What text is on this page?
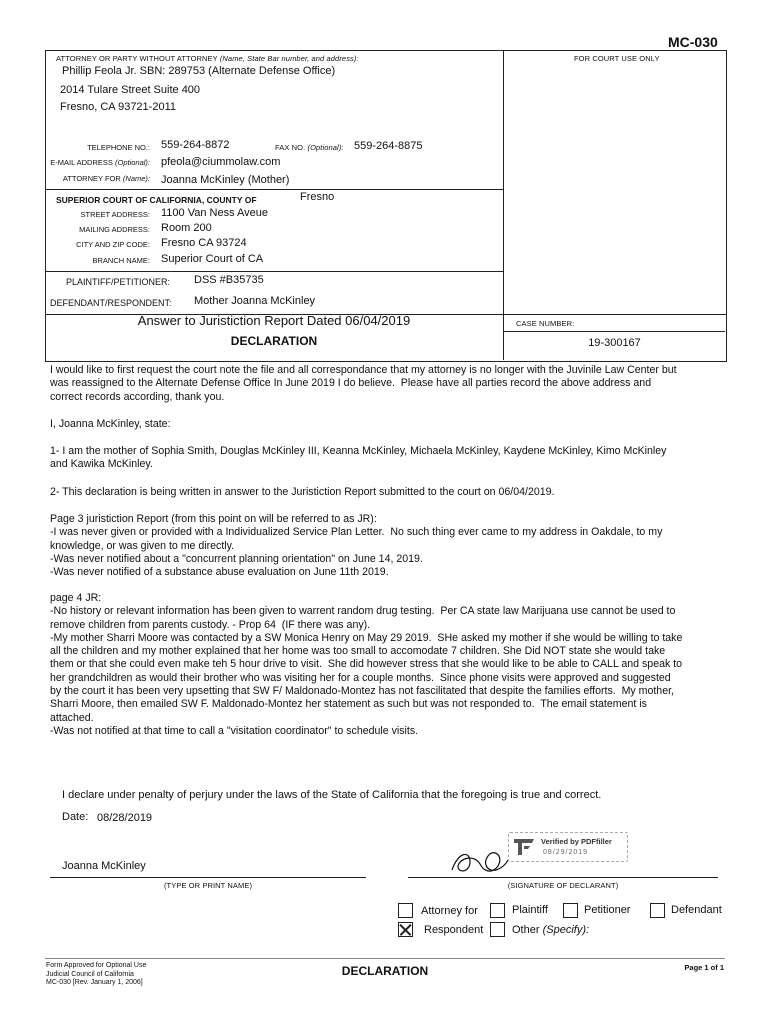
MC-030
ATTORNEY OR PARTY WITHOUT ATTORNEY (Name, State Bar number, and address):
Phillip Feola Jr. SBN: 289753 (Alternate Defense Office)
2014 Tulare Street Suite 400
Fresno, CA 93721-2011
TELEPHONE NO.: 559-264-8872	FAX NO. (Optional): 559-264-8875
E-MAIL ADDRESS (Optional): pfeola@ciummolaw.com
ATTORNEY FOR (Name): Joanna McKinley (Mother)
FOR COURT USE ONLY
SUPERIOR COURT OF CALIFORNIA, COUNTY OF	Fresno
STREET ADDRESS: 1100 Van Ness Aveue
MAILING ADDRESS: Room 200
CITY AND ZIP CODE: Fresno CA 93724
BRANCH NAME: Superior Court of CA
PLAINTIFF/PETITIONER: DSS #B35735
DEFENDANT/RESPONDENT: Mother Joanna McKinley
Answer to Juristiction Report Dated 06/04/2019
DECLARATION
CASE NUMBER:
19-300167
I would like to first request the court note the file and all correspondance that my attorney is no longer with the Juvinile Law Center but
was reassigned to the Alternate Defense Office In June 2019 I do believe.  Please have all parties record the above address and
correct records according, thank you.
I, Joanna McKinley, state:
1- I am the mother of Sophia Smith, Douglas McKinley III, Keanna McKinley, Michaela McKinley, Kaydene McKinley, Kimo McKinley
and Kawika McKinley.
2- This declaration is being written in answer to the Juristiction Report submitted to the court on 06/04/2019.
Page 3 juristiction Report (from this point on will be referred to as JR):
-I was never given or provided with a Individualized Service Plan Letter.  No such thing ever came to my address in Oakdale, to my
knowledge, or was given to me directly.
-Was never notified about a "concurrent planning orientation" on June 14, 2019.
-Was never notified of a substance abuse evaluation on June 11th 2019.
page 4 JR:
-No history or relevant information has been given to warrent random drug testing.  Per CA state law Marijuana use cannot be used to
remove children from parents custody. - Prop 64  (IF there was any).
-My mother Sharri Moore was contacted by a SW Monica Henry on May 29 2019.  SHe asked my mother if she would be willing to take
all the children and my mother explained that her home was too small to accomodate 7 children. She Did NOT state she would take
them or that she could even make teh 5 hour drive to visit.  She did however stress that she would like to be able to CALL and speak to
her grandchildren as would their brother who was visiting her for a couple months.  Since phone visits were approved and suggested
by the court it has been very upsetting that SW F/ Maldonado-Montez has not fascilitated that despite the families efforts.  My mother,
Sharri Moore, then emailed SW F. Maldonado-Montez her statement as such but was not responded to.  The email statement is
attached.
-Was not notified at that time to call a "visitation coordinator" to schedule visits.
I declare under penalty of perjury under the laws of the State of California that the foregoing is true and correct.
Date: 08/28/2019
Joanna McKinley
(TYPE OR PRINT NAME)	(SIGNATURE OF DECLARANT)
Verified by PDFfiller
08/29/2019
Attorney for	Plaintiff	Petitioner	Defendant
Respondent	Other (Specify):
Form Approved for Optional Use
Judicial Council of California
MC-030 [Rev. January 1, 2006]
DECLARATION	Page 1 of 1
